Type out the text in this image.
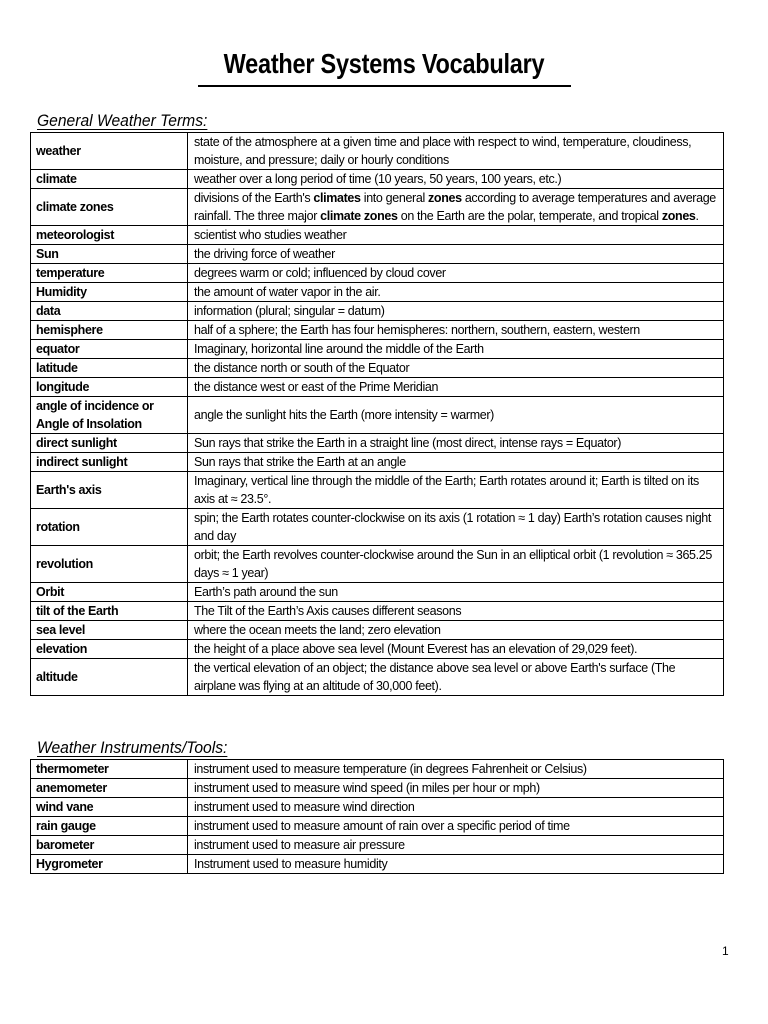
Weather Systems Vocabulary
General Weather Terms:
weather	state of the atmosphere at a given time and place with respect to wind, temperature, cloudiness, moisture, and pressure; daily or hourly conditions
climate	weather over a long period of time (10 years, 50 years, 100 years, etc.)
climate zones	divisions of the Earth's climates into general zones according to average temperatures and average rainfall. The three major climate zones on the Earth are the polar, temperate, and tropical zones.
meteorologist	scientist who studies weather
Sun	the driving force of weather
temperature	degrees warm or cold; influenced by cloud cover
Humidity	the amount of water vapor in the air.
data	information (plural; singular = datum)
hemisphere	half of a sphere; the Earth has four hemispheres: northern, southern, eastern, western
equator	Imaginary, horizontal line around the middle of the Earth
latitude	the distance north or south of the Equator
longitude	the distance west or east of the Prime Meridian
angle of incidence or Angle of Insolation	angle the sunlight hits the Earth (more intensity = warmer)
direct sunlight	Sun rays that strike the Earth in a straight line (most direct, intense rays = Equator)
indirect sunlight	Sun rays that strike the Earth at an angle
Earth's axis	Imaginary, vertical line through the middle of the Earth; Earth rotates around it; Earth is tilted on its axis at ≈ 23.5°.
rotation	spin; the Earth rotates counter-clockwise on its axis (1 rotation ≈ 1 day) Earth’s rotation causes night and day
revolution	orbit; the Earth revolves counter-clockwise around the Sun in an elliptical orbit (1 revolution ≈ 365.25 days ≈ 1 year)
Orbit	Earth’s path around the sun
tilt of the Earth	The Tilt of the Earth’s Axis causes different seasons
sea level	where the ocean meets the land; zero elevation
elevation	the height of a place above sea level (Mount Everest has an elevation of 29,029 feet).
altitude	the vertical elevation of an object; the distance above sea level or above Earth's surface (The airplane was flying at an altitude of 30,000 feet).
Weather Instruments/Tools:
thermometer	instrument used to measure temperature (in degrees Fahrenheit or Celsius)
anemometer	instrument used to measure wind speed (in miles per hour or mph)
wind vane	instrument used to measure wind direction
rain gauge	instrument used to measure amount of rain over a specific period of time
barometer	instrument used to measure air pressure
Hygrometer	Instrument used to measure humidity
1
